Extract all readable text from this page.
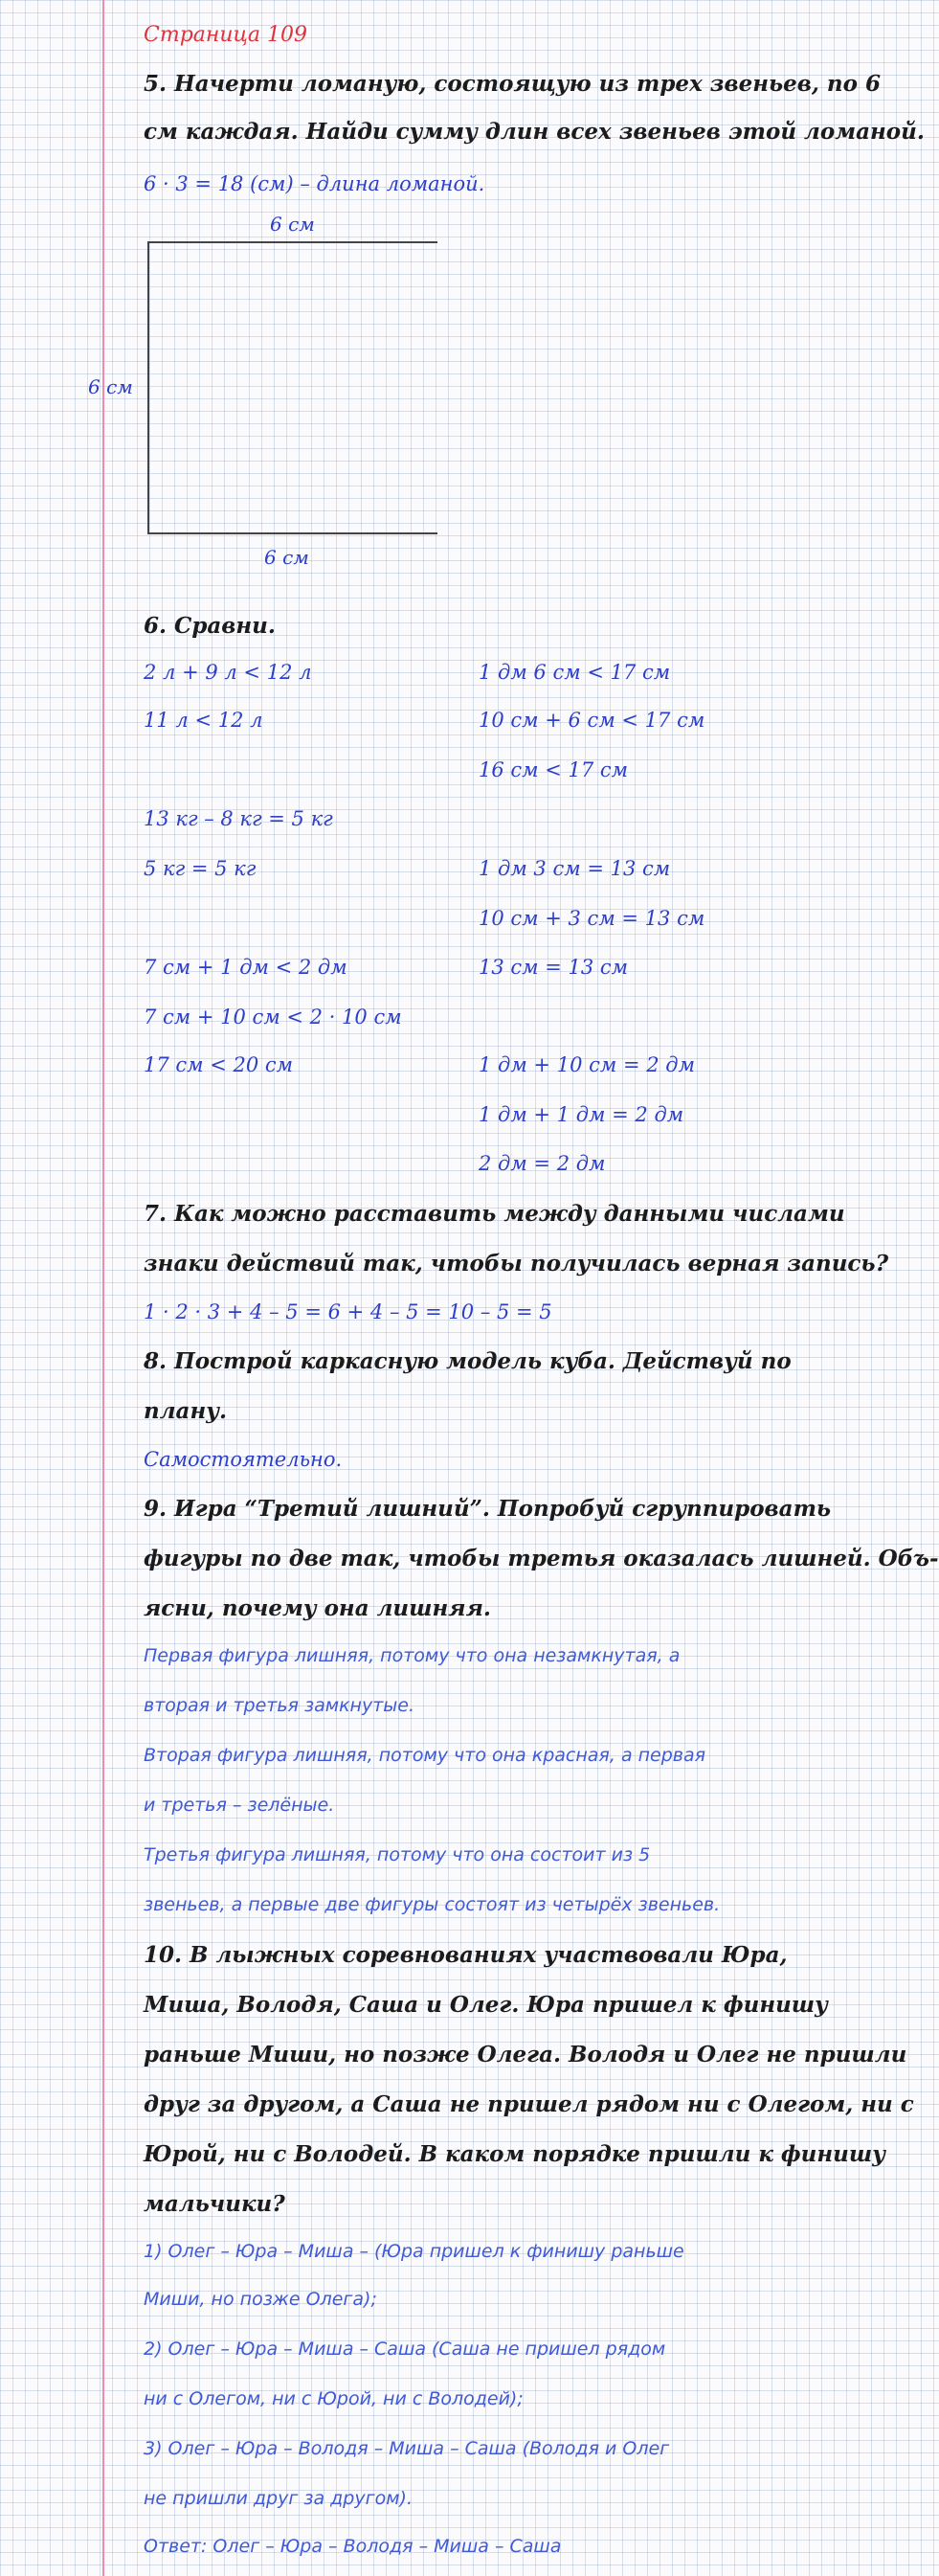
Страница 109
5. Начерти ломаную, состоящую из трех звеньев, по 6
см каждая. Найди сумму длин всех звеньев этой ломаной.
6 · 3 = 18 (см) – длина ломаной.
6 см
6 см
6 см
6. Сравни.
2 л + 9 л < 12 л
11 л < 12 л
13 кг – 8 кг = 5 кг
5 кг = 5 кг
7 см + 1 дм < 2 дм
7 см + 10 см < 2 · 10 см
17 см < 20 см
1 дм 6 см < 17 см
10 см + 6 см < 17 см
16 см < 17 см
1 дм 3 см = 13 см
10 см + 3 см = 13 см
13 см = 13 см
1 дм + 10 см = 2 дм
1 дм + 1 дм = 2 дм
2 дм = 2 дм
7. Как можно расставить между данными числами
знаки действий так, чтобы получилась верная запись?
1 · 2 · 3 + 4 – 5 = 6 + 4 – 5 = 10 – 5 = 5
8. Построй каркасную модель куба. Действуй по
плану.
Самостоятельно.
9. Игра “Третий лишний”. Попробуй сгруппировать
фигуры по две так, чтобы третья оказалась лишней. Объ-
ясни, почему она лишняя.
Первая фигура лишняя, потому что она незамкнутая, а
вторая и третья замкнутые.
Вторая фигура лишняя, потому что она красная, а первая
и третья – зелёные.
Третья фигура лишняя, потому что она состоит из 5
звеньев, а первые две фигуры состоят из четырёх звеньев.
10. В лыжных соревнованиях участвовали Юра,
Миша, Володя, Саша и Олег. Юра пришел к финишу
раньше Миши, но позже Олега. Володя и Олег не пришли
друг за другом, а Саша не пришел рядом ни с Олегом, ни с
Юрой, ни с Володей. В каком порядке пришли к финишу
мальчики?
1) Олег – Юра – Миша – (Юра пришел к финишу раньше
Миши, но позже Олега);
2) Олег – Юра – Миша – Саша (Саша не пришел рядом
ни с Олегом, ни с Юрой, ни с Володей);
3) Олег – Юра – Володя – Миша – Саша (Володя и Олег
не пришли друг за другом).
Ответ: Олег – Юра – Володя – Миша – Саша
